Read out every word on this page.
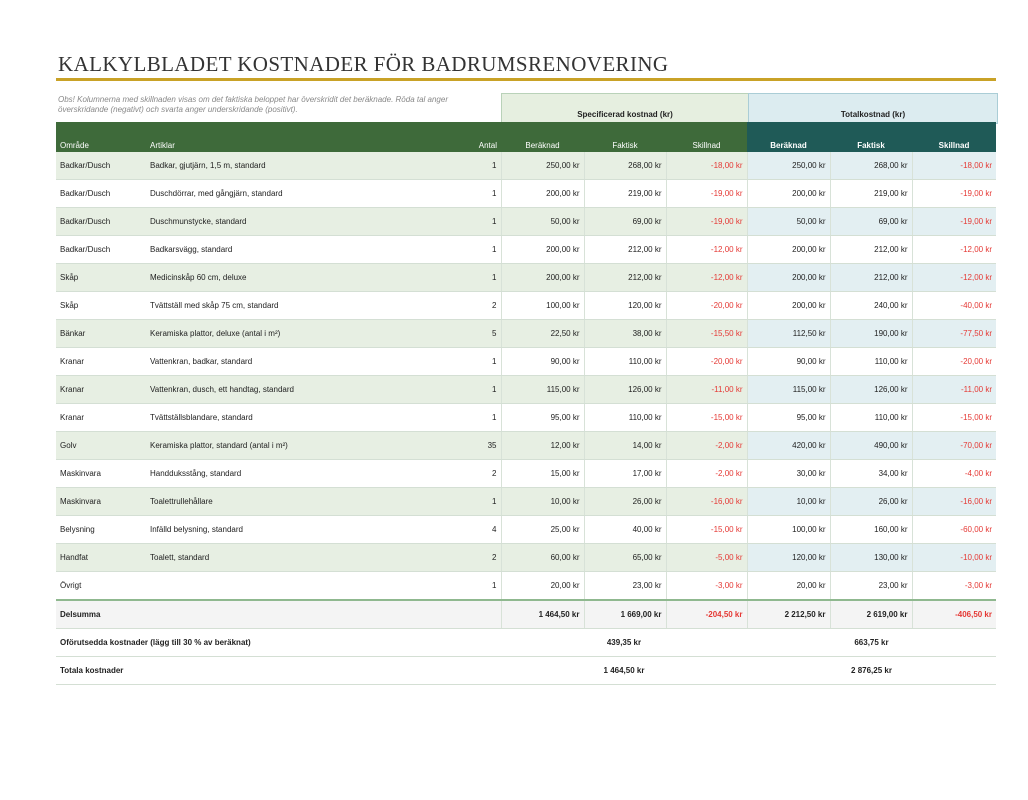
KALKYLBLADET KOSTNADER FÖR BADRUMSRENOVERING
Obs! Kolumnerna med skillnaden visas om det faktiska beloppet har överskridit det beräknade. Röda tal anger överskridande (negativt) och svarta anger underskridande (positivt).
Specificerad kostnad (kr)	Totalkostnad (kr)
Område	Artiklar	Antal	Beräknad	Faktisk	Skillnad	Beräknad	Faktisk	Skillnad
Badkar/Dusch	Badkar, gjutjärn, 1,5 m, standard	1	250,00 kr	268,00 kr	-18,00 kr	250,00 kr	268,00 kr	-18,00 kr
Badkar/Dusch	Duschdörrar, med gångjärn, standard	1	200,00 kr	219,00 kr	-19,00 kr	200,00 kr	219,00 kr	-19,00 kr
Badkar/Dusch	Duschmunstycke, standard	1	50,00 kr	69,00 kr	-19,00 kr	50,00 kr	69,00 kr	-19,00 kr
Badkar/Dusch	Badkarsvägg, standard	1	200,00 kr	212,00 kr	-12,00 kr	200,00 kr	212,00 kr	-12,00 kr
Skåp	Medicinskåp 60 cm, deluxe	1	200,00 kr	212,00 kr	-12,00 kr	200,00 kr	212,00 kr	-12,00 kr
Skåp	Tvättställ med skåp 75 cm, standard	2	100,00 kr	120,00 kr	-20,00 kr	200,00 kr	240,00 kr	-40,00 kr
Bänkar	Keramiska plattor, deluxe (antal i m²)	5	22,50 kr	38,00 kr	-15,50 kr	112,50 kr	190,00 kr	-77,50 kr
Kranar	Vattenkran, badkar, standard	1	90,00 kr	110,00 kr	-20,00 kr	90,00 kr	110,00 kr	-20,00 kr
Kranar	Vattenkran, dusch, ett handtag, standard	1	115,00 kr	126,00 kr	-11,00 kr	115,00 kr	126,00 kr	-11,00 kr
Kranar	Tvättställsblandare, standard	1	95,00 kr	110,00 kr	-15,00 kr	95,00 kr	110,00 kr	-15,00 kr
Golv	Keramiska plattor, standard (antal i m²)	35	12,00 kr	14,00 kr	-2,00 kr	420,00 kr	490,00 kr	-70,00 kr
Maskinvara	Handduksstång, standard	2	15,00 kr	17,00 kr	-2,00 kr	30,00 kr	34,00 kr	-4,00 kr
Maskinvara	Toalettrullehållare	1	10,00 kr	26,00 kr	-16,00 kr	10,00 kr	26,00 kr	-16,00 kr
Belysning	Infälld belysning, standard	4	25,00 kr	40,00 kr	-15,00 kr	100,00 kr	160,00 kr	-60,00 kr
Handfat	Toalett, standard	2	60,00 kr	65,00 kr	-5,00 kr	120,00 kr	130,00 kr	-10,00 kr
Övrigt		1	20,00 kr	23,00 kr	-3,00 kr	20,00 kr	23,00 kr	-3,00 kr
Delsumma			1 464,50 kr	1 669,00 kr	-204,50 kr	2 212,50 kr	2 619,00 kr	-406,50 kr
Oförutsedda kostnader (lägg till 30 % av beräknat)			439,35 kr			663,75 kr		
Totala kostnader			1 464,50 kr			2 876,25 kr		
